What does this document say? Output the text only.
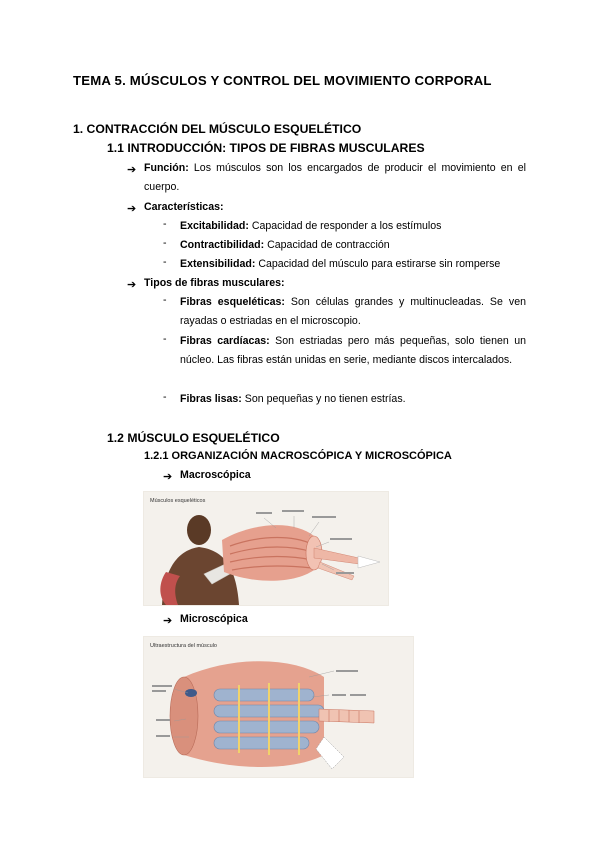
TEMA 5. MÚSCULOS Y CONTROL DEL MOVIMIENTO CORPORAL
1. CONTRACCIÓN DEL MÚSCULO ESQUELÉTICO
1.1 INTRODUCCIÓN: TIPOS DE FIBRAS MUSCULARES
➔ Función: Los músculos son los encargados de producir el movimiento en el cuerpo.
➔ Características:
- Excitabilidad: Capacidad de responder a los estímulos
- Contractibilidad: Capacidad de contracción
- Extensibilidad: Capacidad del músculo para estirarse sin romperse
➔ Tipos de fibras musculares:
- Fibras esqueléticas: Son células grandes y multinucleadas. Se ven rayadas o estriadas en el microscopio.
- Fibras cardíacas: Son estriadas pero más pequeñas, solo tienen un núcleo. Las fibras están unidas en serie, mediante discos intercalados.
- Fibras lisas: Son pequeñas y no tienen estrías.
1.2 MÚSCULO ESQUELÉTICO
1.2.1 ORGANIZACIÓN MACROSCÓPICA Y MICROSCÓPICA
➔ Macroscópica
Músculos esqueléticos
➔ Microscópica
Ultraestructura del músculo
